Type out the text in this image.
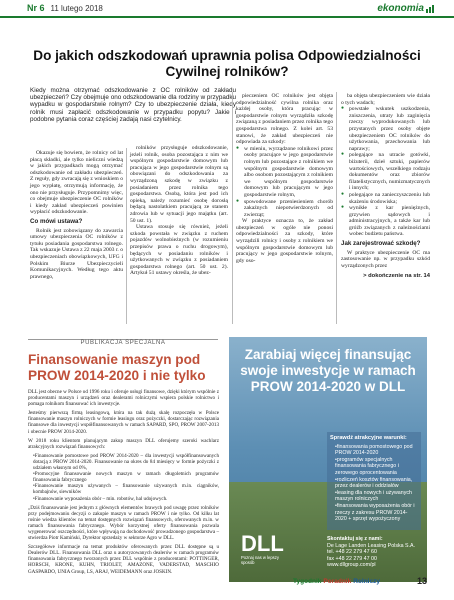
Nr 6 11 lutego 2018	ekonomia
Do jakich odszkodowań uprawnia polisa Odpowiedzialności Cywilnej rolników?

Kiedy można otrzymać odszkodowanie z OC rolników od zakładu ubezpieczeń? Czy obejmuje ono odszkodowanie dla rodziny w przypadku wypadku w gospodarstwie rolnym? Czy to ubezpieczenie działa, kiedy rolnik musi zapłacić odszkodowanie w przypadku popytu? Jakie i podobne pytania coraz częściej zadają nasi czytelnicy.

Okazuje się bowiem, że rolnicy od lat płacą składki, ale tylko nieliczni wiedzą w jakich przypadkach mogą otrzymać odszkodowanie od zakładu ubezpieczeń. Z reguły, gdy zwracają się z wnioskiem o jego wypłatę, otrzymują informację, że ono nie przysługuje. Przypomnimy więc, co obejmuje ubezpieczenie OC rolników i kiedy zakład ubezpieczeń powinien wypłacić odszkodowanie.

Co mówi ustawa?

Rolnik jest zobowiązany do zawarcia umowy ubezpieczenia OC rolników z tytułu posiadania gospodarstwa rolnego. Tak wskazuje Ustawa z 22 maja 2003 r. o ubezpieczeniach obowiązkowych, UFG i Polskim Biurze Ubezpieczycieli Komunikacyjnych. Według tego aktu prawnego,

rolników przysługuje odszkodowanie, jeżeli rolnik, osoba pozostająca z nim we wspólnym gospodarstwie domowym lub pracująca w jego gospodarstwie rolnym są obowiązani do odszkodowania za wyrządzoną szkodę w związku z posiadaniem przez rolnika tego gospodarstwa. Osobą, która jest pod ich opieką, należy rozumieć osobę dorosłą będącą nastolatkiem pracującą ze stanem zdrowia lub w sytuacji jego majątku (art. 50 ust. 1).

Ustawa stosuje się również, jeżeli szkoda powstała w związku z ruchem pojazdów wolnobieżnych (w rozumieniu przepisów prawa o ruchu drogowym), będących w posiadaniu rolników i użytkowanych w związku z posiadaniem gospodarstwa rolnego (art. 50 ust. 2). Artykuł 51 ustawy określa, że ubez-

pieczeniem OC rolników jest objęta odpowiedzialność cywilna rolnika oraz każdej osoby, która pracując w gospodarstwie rolnym wyrządziła szkodę związaną z posiadaniem przez rolnika tego gospodarstwa rolnego. Z kolei art. 53 stanowi, że zakład ubezpieczeń nie odpowiada za szkody:

● w mieniu, wyrządzone rolnikowi przez osoby pracujące w jego gospodarstwie rolnym lub pozostające z rolnikiem we wspólnym gospodarstwie domowym albo osobom pozostającym z rolnikiem we wspólnym gospodarstwie domowym lub pracującym w jego gospodarstwie rolnym,
● spowodowane przeniesieniem chorób zakaźnych niepotwierdzonych od zwierząt;

W praktyce oznacza to, że zakład ubezpieczeń w ogóle nie ponosi odpowiedzialności za szkody, które wyrządzili rolnicy i osoby z rolnikiem we wspólnym gospodarstwie domowym lub pracujący w jego gospodarstwie rolnym, gdy oso-

ba objęta ubezpieczeniem wie działa o tych wadach;

● powstałe wskutek uszkodzenia, zniszczenia, utraty lub zaginięcia rzeczy wyprodukowanych lub przystanych przez osoby objęte ubezpieczeniem OC rolników do użytkowania, przechowania lub naprawy;
● polegające na utracie gotówki, biżuterii, dzieł sztuki, papierów wartościowych, wszelkiego rodzaju dokumentów oraz zbiorów filatelistycznych, numizmatycznych i innych;
● polegające na zanieczyszczeniu lub skażeniu środowiska;
● wynikłe z kar pieniężnych, grzywien sądowych i administracyjnych, a także kar lub gróźb związanych z należnościami wobec budżetu państwa.
Jak zarejestrować szkodę?

W praktyce ubezpieczenie OC ma zastosowanie np. w przypadku szkód wyrządzonych przez

> dokończenie na str. 14
PUBLIKACJA SPECJALNA
Finansowanie maszyn pod PROW 2014-2020 i nie tylko

DLL jest obecne w Polsce od 1996 roku i oferuje usługi finansowe, dzięki którym wspólnie z producentami maszyn i urządzeń oraz dealerami rolniczymi wspiera polskie rolnictwo i pomaga rolnikom finansować ich inwestycje.

Jesteśmy pierwszą firmą leasingową, która na tak dużą skalę rozpoczęła w Polsce finansowanie maszyn rolniczych w formie leasingu oraz pożyczki, dostarczając rozwiązania finansowe dla inwestycji współfinansowanych w ramach SAPARD, SPO, PROW 2007-2013 i obecnie PROW 2014-2020.

W 2018 roku klientom planującym zakup maszyn DLL oferujemy szeroki wachlarz atrakcyjnych rozwiązań finansowych:

• Finansowanie pomostowe pod PROW 2014-2020 – dla inwestycji współfinansowanych dotacją z PROW 2014-2020. Finansowanie na okres do 84 miesięcy w formie pożyczki z udziałem własnym od 0%,
• Promocyjne finansowanie nowych maszyn w ramach długoletnich programów finansowania fabrycznego
• Finansowanie maszyn używanych – finansowanie używanych m.in. ciągników, kombajnów, siewników
• Finansowanie wyposażenia obór – min. robotów, hal udojowych.

„Dziś finansowanie jest jednym z głównych elementów brawych pod uwagę przez rolników przy podejmowaniu decyzji o zakupie maszyn w ramach PROW i nie tylko. Od kilku lat rośnie wiedza klientów na temat dostępnych rozwiązań finansowych, oferowanych m.in. w ramach finansowania fabrycznego. Wybór korzystnej oferty finansowania pozwala wygenerować oszczędności, które wpływają na dochodowość prowadzonego gospodarstwa – stwierdza Piotr Kamiński, Dyrektor sprzedaży w sektorze Agro w DLL.

Szczegółowe informacje na temat produktów oferowanych przez DLL dostępne są u Dealerów DLL. Finansowania DLL oraz u autoryzowanych dealerów w ramach programów finansowania fabrycznego tworzonych przez DLL wspólnie z producentami: POTTINGER, HORSCH, KRONE, KUHN, TRIOLET, AMAZONE, VADERSTAD, MASCHIO GASPARDO, UNIA Group, LS, ARAJ, WEIDEMANN oraz JOSKIN.

Zarabiaj więcej finansując swoje inwestycje w ramach PROW 2014-2020 w DLL
Sprawdź atrakcyjne warunki:
• finansowania pomostowego pod PROW 2014-2020
• programów specjalnych finansowania fabrycznego i zerowego oprocentowania
• rozliczeń kosztów finansowania, przez dealerów i oddziałów
• leasing dla nowych i używanych maszyn rolniczych
• finansowania wyposażenia obór i rzeczy z zakresu PROW 2014-2020 + sprzęt wypożyczony
Skontaktuj się z nami:
De Lage Landen Leasing Polska S.A.
tel. +48 22 279 47 60
fax +48 22 279 47 00
www.dllgroup.com/pl
DLL
Poznaj nas w lepszy sposób
Tygodnik Poradnik Rolniczy	13
